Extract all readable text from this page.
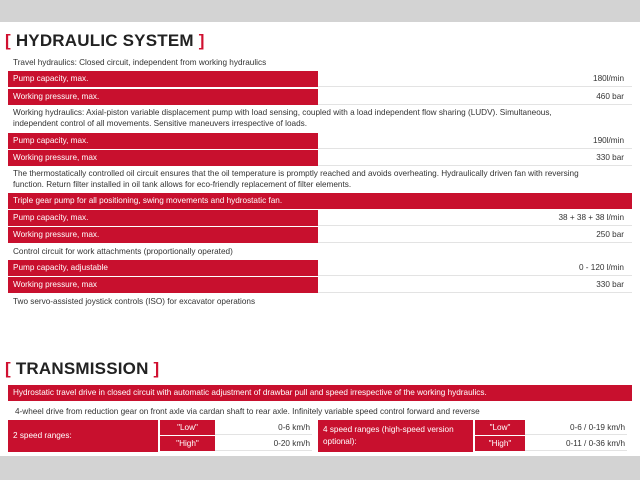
[ HYDRAULIC SYSTEM ]
Travel hydraulics: Closed circuit, independent from working hydraulics
Pump capacity, max.	180l/min
Working pressure, max.	460 bar
Working hydraulics: Axial-piston variable displacement pump with load sensing, coupled with a load independent flow sharing (LUDV). Simultaneous, independent control of all movements. Sensitive maneuvers irrespective of loads.
Pump capacity, max.	190l/min
Working pressure, max	330 bar
The thermostatically controlled oil circuit ensures that the oil temperature is promptly reached and avoids overheating. Hydraulically driven fan with reversing function. Return filter installed in oil tank allows for eco-friendly replacement of filter elements.
Triple gear pump for all positioning, swing movements and hydrostatic fan.
Pump capacity, max.	38 + 38 + 38 l/min
Working pressure, max.	250 bar
Control circuit for work attachments (proportionally operated)
Pump capacity, adjustable	0 - 120 l/min
Working pressure, max	330 bar
Two servo-assisted joystick controls (ISO) for excavator operations
[ TRANSMISSION ]
Hydrostatic travel drive in closed circuit with automatic adjustment of drawbar pull and speed irrespective of the working hydraulics.
4-wheel drive from reduction gear on front axle via cardan shaft to rear axle. Infinitely variable speed control forward and reverse
2 speed ranges:
"Low"	0-6 km/h
"High"	0-20 km/h
4 speed ranges (high-speed version optional):
"Low"	0-6 / 0-19 km/h
"High"	0-11 / 0-36 km/h
